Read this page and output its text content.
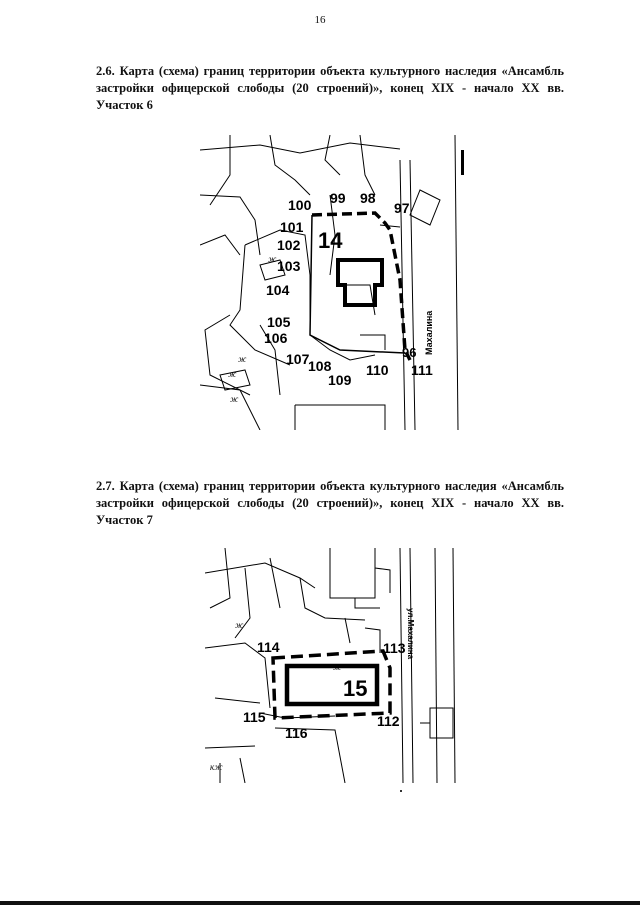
16

2.6. Карта (схема) границ территории объекта культурного наследия «Ансамбль застройки офицерской слободы (20 строений)», конец XIX - начало XX вв. Участок 6

14
Махалина
96
97
98
99
100
101
102
103
104
105
106
107
108
109
110 111
ж
ж
ж
ж

2.7. Карта (схема) границ территории объекта культурного наследия «Ансамбль застройки офицерской слободы (20 строений)», конец XIX - начало XX вв. Участок 7

15
ул.Махалина
112
113
114
115
116
ж
ж
кж
